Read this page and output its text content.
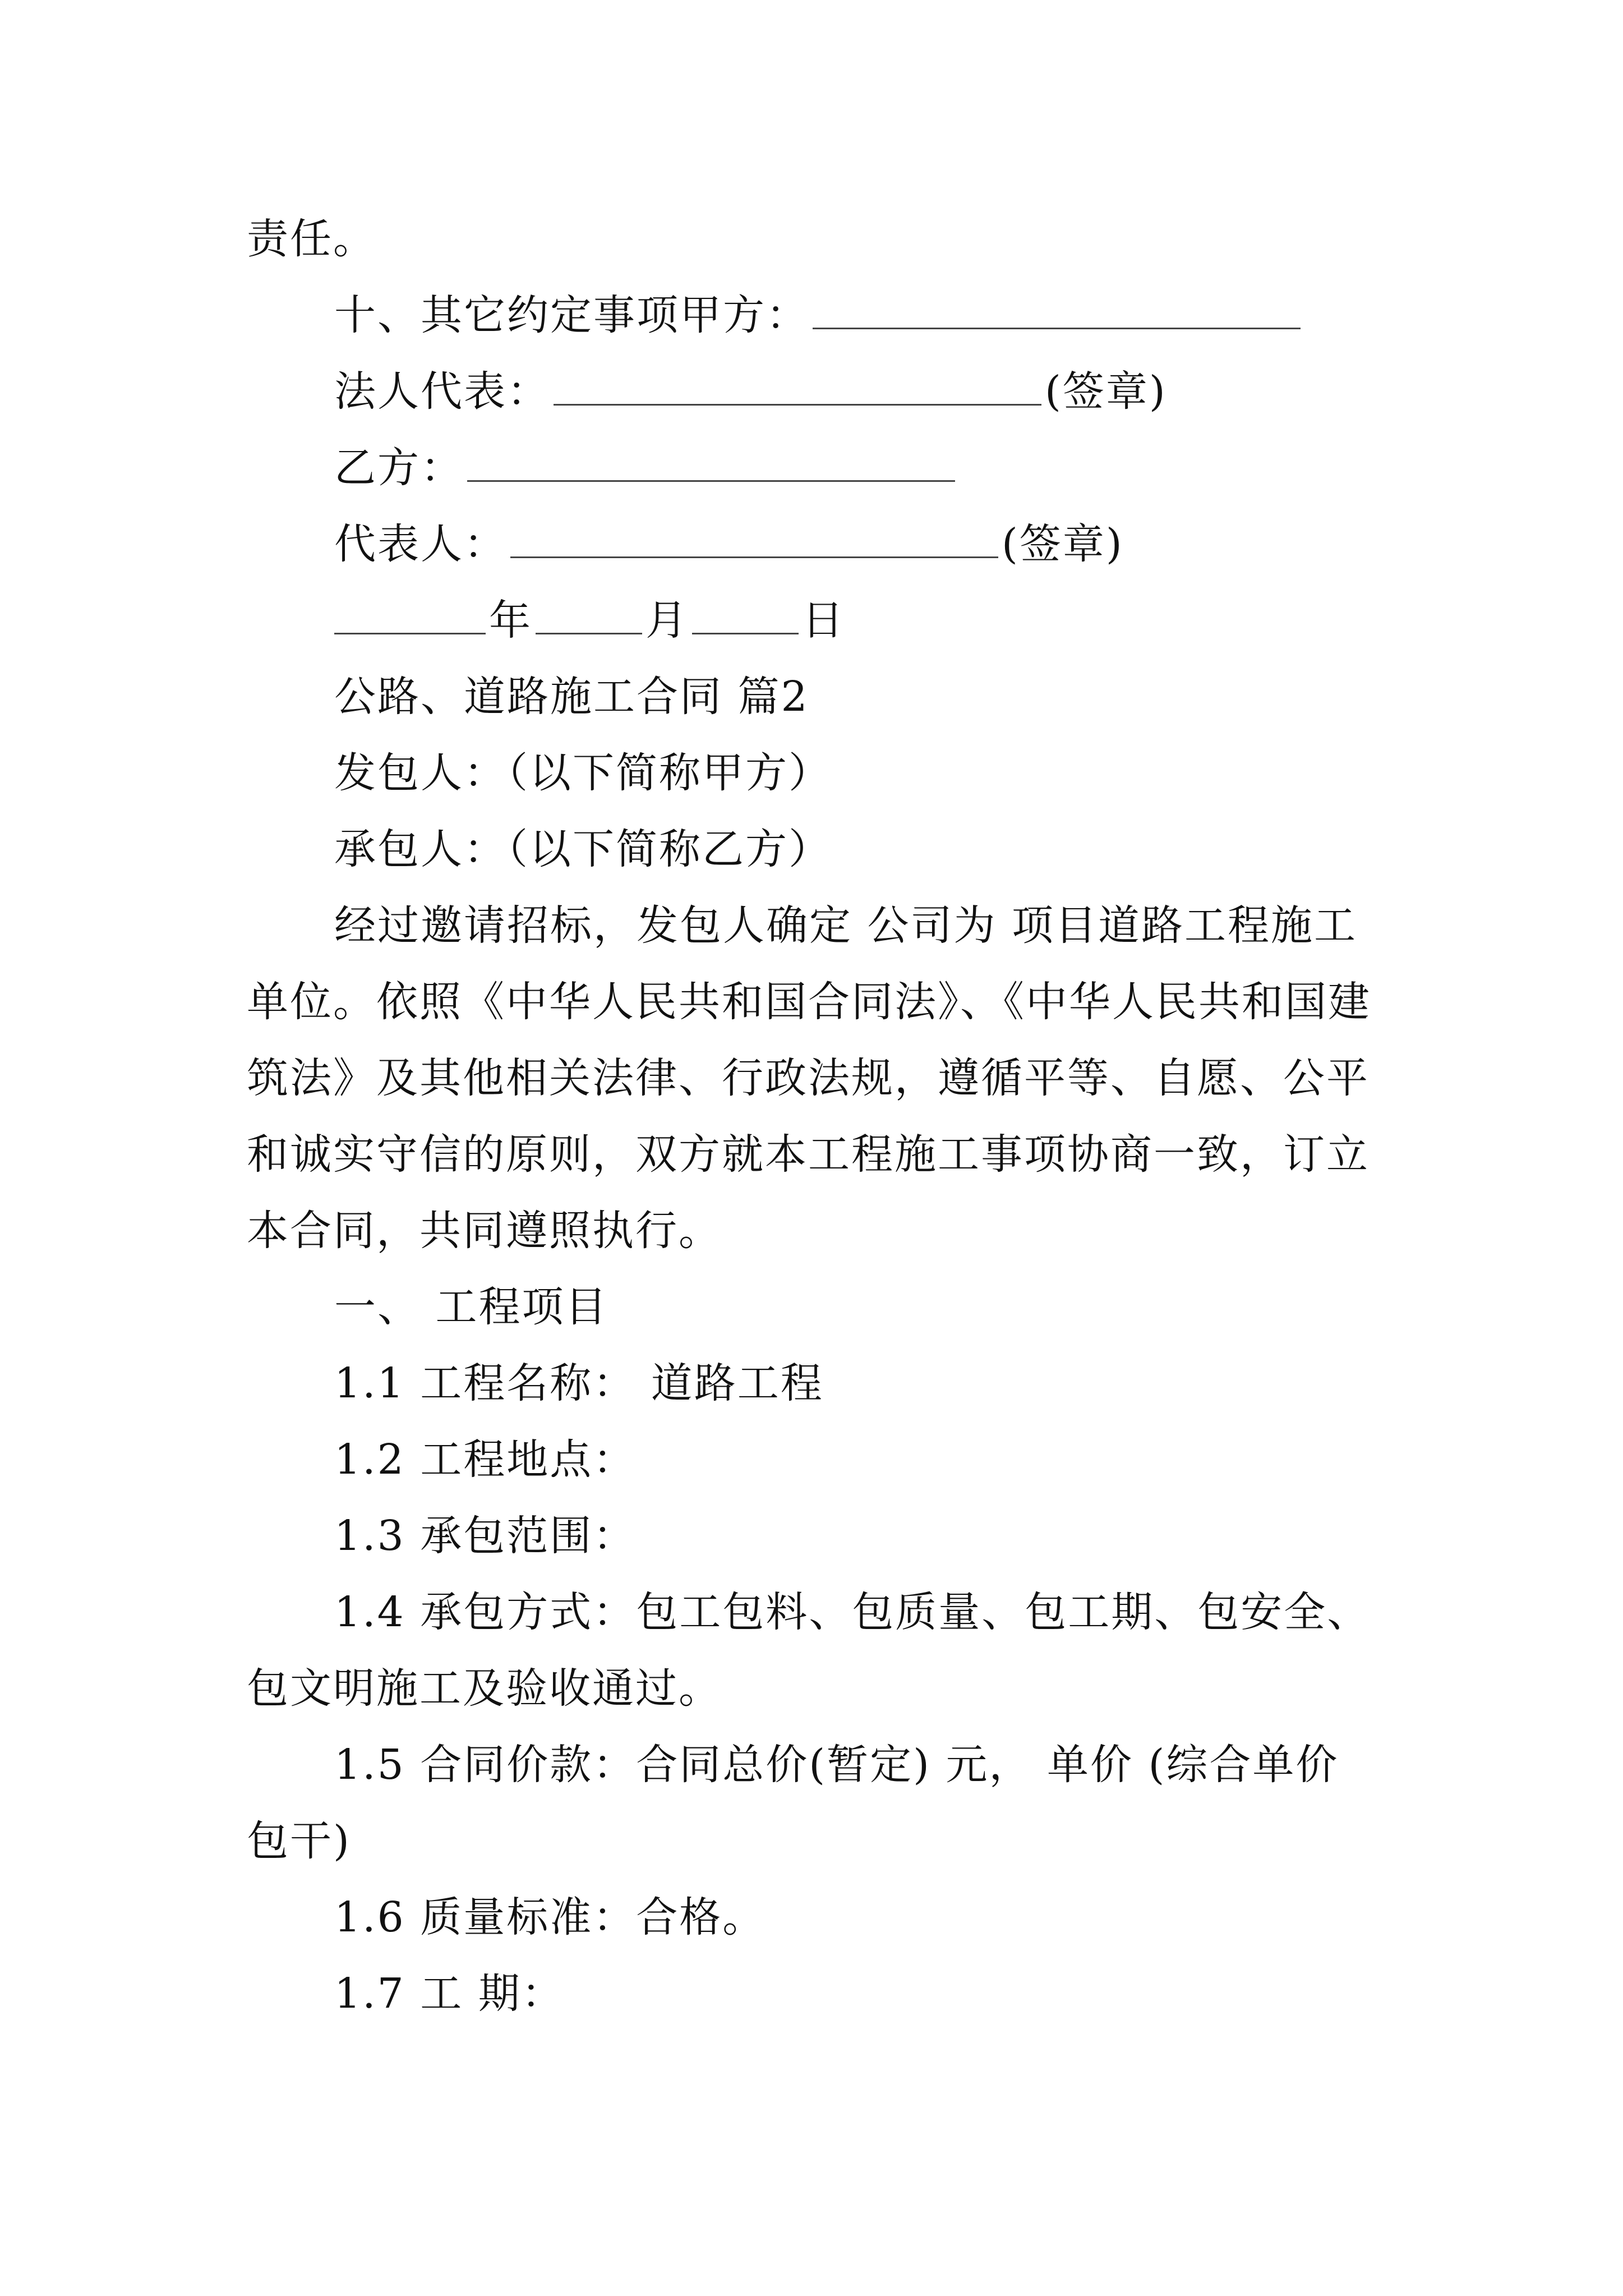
责任。
十、其它约定事项甲方：
法人代表：	(签章)
乙方：
代表人：	(签章)
年	月	日
公路、道路施工合同 篇2
发包人：（以下简称甲方）
承包人：（以下简称乙方）
经过邀请招标，发包人确定 公司为 项目道路工程施工
单位。依照《中华人民共和国合同法》、《中华人民共和国建
筑法》及其他相关法律、行政法规，遵循平等、自愿、公平
和诚实守信的原则，双方就本工程施工事项协商一致，订立
本合同，共同遵照执行。
一、 工程项目
1.1 工程名称： 道路工程
1.2 工程地点：
1.3 承包范围：
1.4 承包方式：包工包料、包质量、包工期、包安全、
包文明施工及验收通过。
1.5 合同价款：合同总价(暂定) 元， 单价 (综合单价
包干)
1.6 质量标准：合格。
1.7 工 期：
